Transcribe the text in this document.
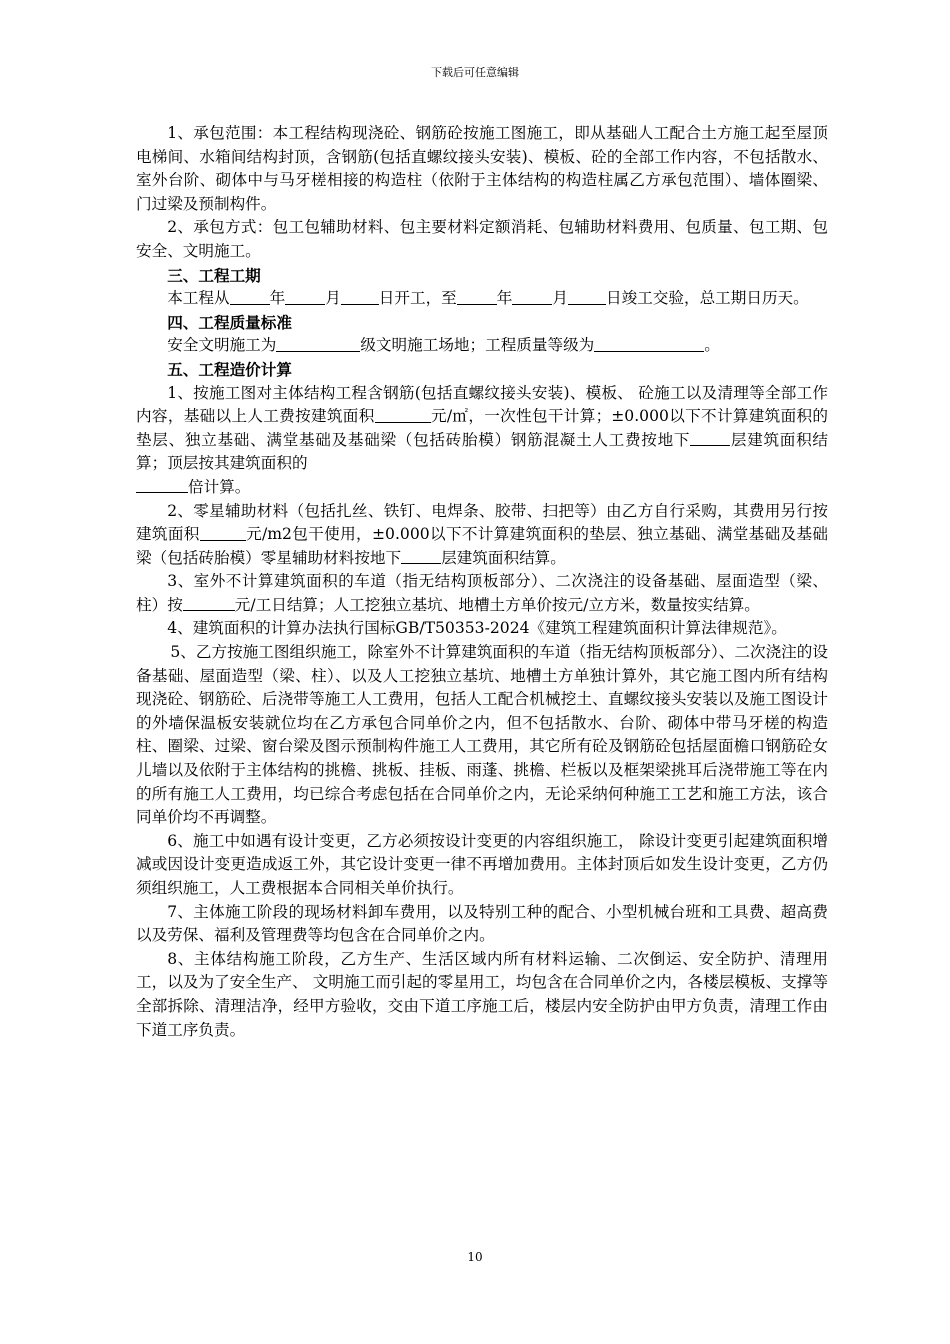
下载后可任意编辑

1、承包范围：本工程结构现浇砼、钢筋砼按施工图施工，即从基础人工配合土方施工起至屋顶电梯间、水箱间结构封顶，含钢筋(包括直螺纹接头安装)、模板、砼的全部工作内容，不包括散水、室外台阶、砌体中与马牙槎相接的构造柱（依附于主体结构的构造柱属乙方承包范围）、墙体圈梁、门过梁及预制构件。

2、承包方式：包工包辅助材料、包主要材料定额消耗、包辅助材料费用、包质量、包工期、包安全、文明施工。

三、工程工期

本工程从	年	月 日开工，至	年	月 日竣工交验，总工期日历天。

四、工程质量标准

安全文明施工为	级文明施工场地；工程质量等级为	。

五、工程造价计算

1、按施工图对主体结构工程含钢筋(包括直螺纹接头安装)、模板、 砼施工以及清理等全部工作内容，基础以上人工费按建筑面积	元/㎡，一次性包干计算；±0.000以下不计算建筑面积的垫层、独立基础、满堂基础及基础梁（包括砖胎模）钢筋混凝土人工费按地下	层建筑面积结算；顶层按其建筑面积的
倍计算。

2、零星辅助材料（包括扎丝、铁钉、电焊条、胶带、扫把等）由乙方自行采购，其费用另行按建筑面积	元/m2包干使用，±0.000以下不计算建筑面积的垫层、独立基础、满堂基础及基础梁（包括砖胎模）零星辅助材料按地下	层建筑面积结算。

3、室外不计算建筑面积的车道（指无结构顶板部分）、二次浇注的设备基础、屋面造型（梁、柱）按	元/工日结算；人工挖独立基坑、地槽土方单价按元/立方米，数量按实结算。

4、建筑面积的计算办法执行国标GB/T50353-2024《建筑工程建筑面积计算法律规范》。

5、乙方按施工图组织施工，除室外不计算建筑面积的车道（指无结构顶板部分）、二次浇注的设备基础、屋面造型（梁、柱）、以及人工挖独立基坑、地槽土方单独计算外，其它施工图内所有结构现浇砼、钢筋砼、后浇带等施工人工费用，包括人工配合机械挖土、直螺纹接头安装以及施工图设计的外墙保温板安装就位均在乙方承包合同单价之内，但不包括散水、台阶、砌体中带马牙槎的构造柱、圈梁、过梁、窗台梁及图示预制构件施工人工费用，其它所有砼及钢筋砼包括屋面檐口钢筋砼女儿墙以及依附于主体结构的挑檐、挑板、挂板、雨蓬、挑檐、栏板以及框架梁挑耳后浇带施工等在内的所有施工人工费用，均已综合考虑包括在合同单价之内，无论采纳何种施工工艺和施工方法，该合同单价均不再调整。

6、施工中如遇有设计变更，乙方必须按设计变更的内容组织施工， 除设计变更引起建筑面积增减或因设计变更造成返工外，其它设计变更一律不再增加费用。主体封顶后如发生设计变更，乙方仍须组织施工，人工费根据本合同相关单价执行。

7、主体施工阶段的现场材料卸车费用，以及特别工种的配合、小型机械台班和工具费、超高费以及劳保、福利及管理费等均包含在合同单价之内。

8、主体结构施工阶段，乙方生产、生活区域内所有材料运输、二次倒运、安全防护、清理用工，以及为了安全生产、 文明施工而引起的零星用工，均包含在合同单价之内，各楼层模板、支撑等全部拆除、清理洁净，经甲方验收，交由下道工序施工后，楼层内安全防护由甲方负责，清理工作由下道工序负责。

10
